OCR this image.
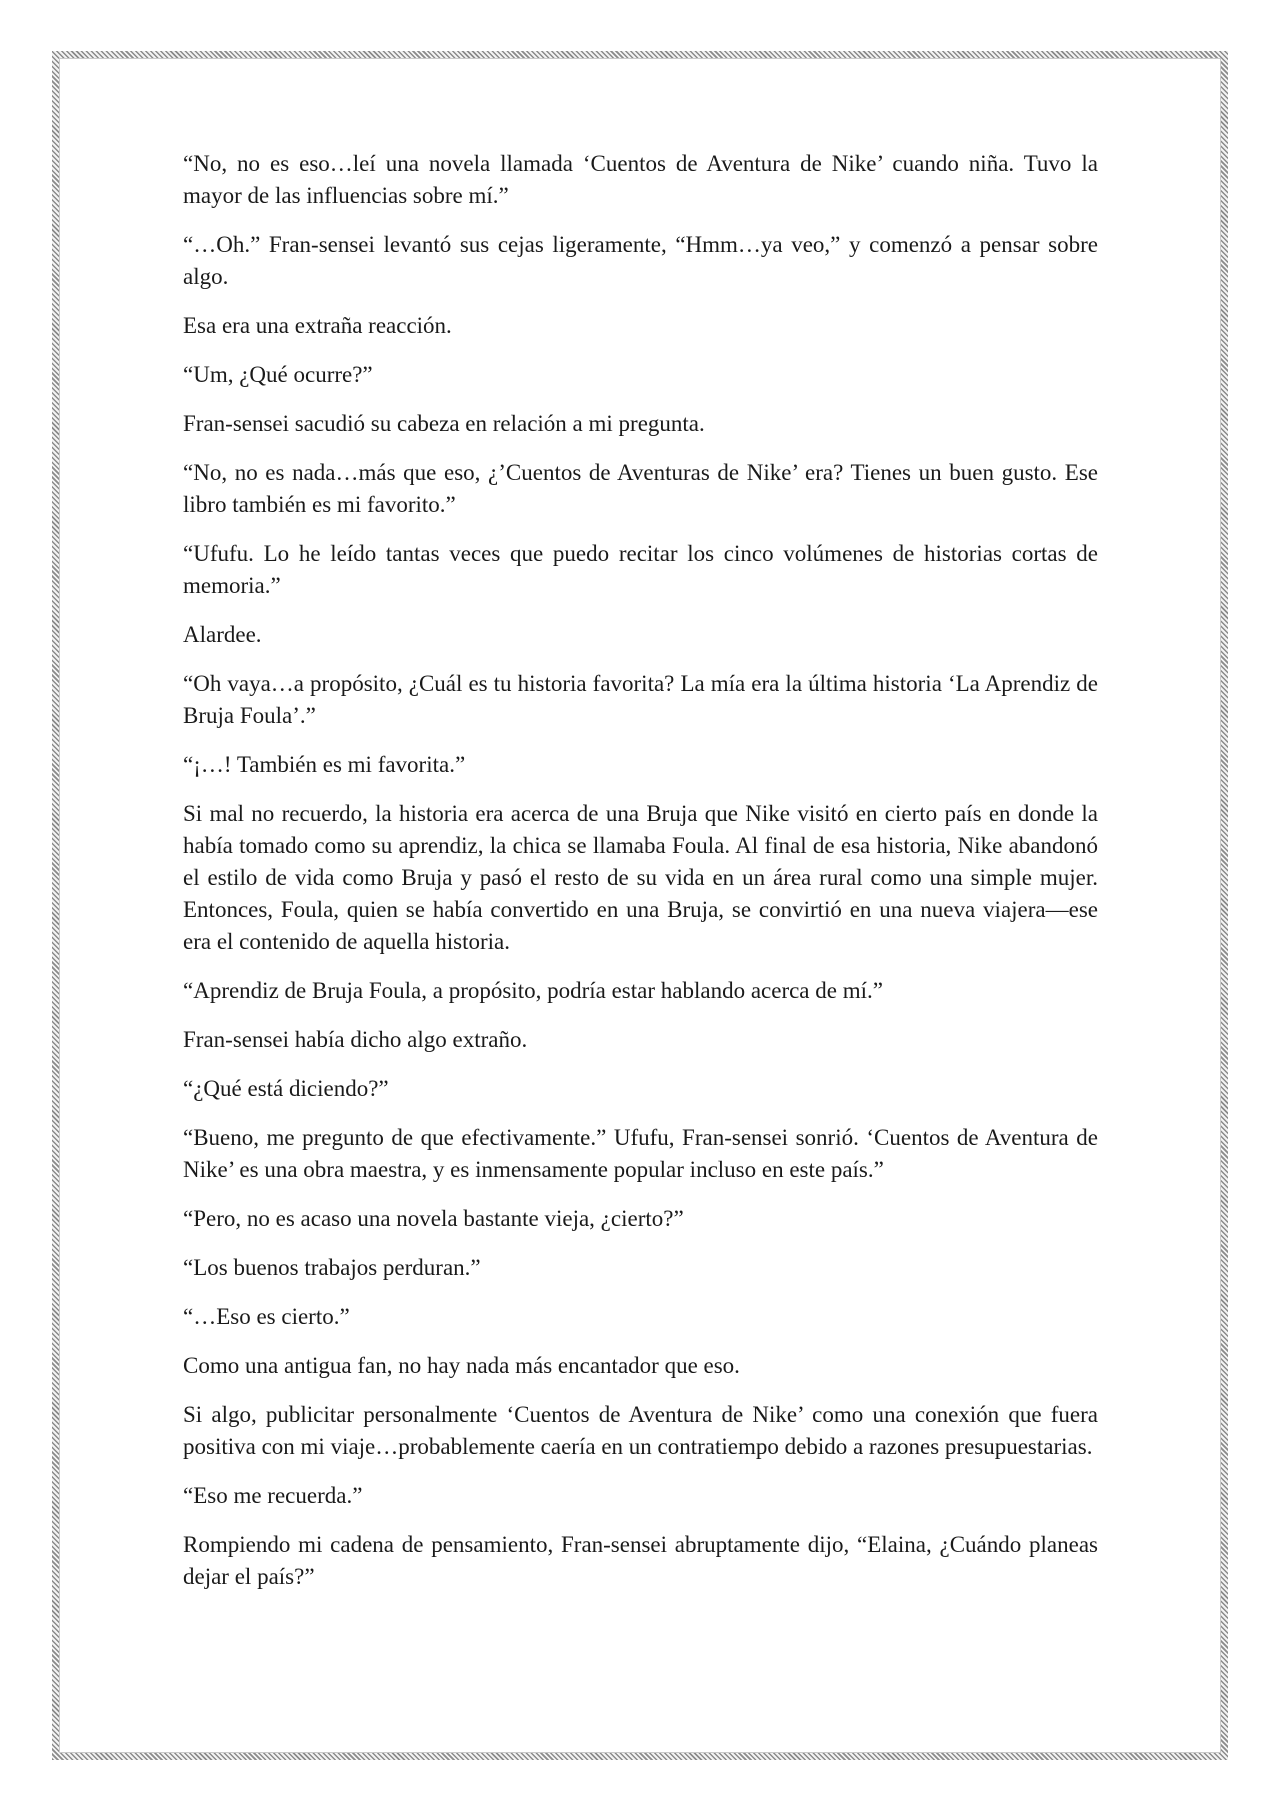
“No, no es eso…leí una novela llamada ‘Cuentos de Aventura de Nike’ cuando niña. Tuvo la mayor de las influencias sobre mí.”

“…Oh.” Fran-sensei levantó sus cejas ligeramente, “Hmm…ya veo,” y comenzó a pensar sobre algo.

Esa era una extraña reacción.

“Um, ¿Qué ocurre?”

Fran-sensei sacudió su cabeza en relación a mi pregunta.

“No, no es nada…más que eso, ¿’Cuentos de Aventuras de Nike’ era? Tienes un buen gusto. Ese libro también es mi favorito.”

“Ufufu. Lo he leído tantas veces que puedo recitar los cinco volúmenes de historias cortas de memoria.”

Alardee.

“Oh vaya…a propósito, ¿Cuál es tu historia favorita? La mía era la última historia ‘La Aprendiz de Bruja Foula’.”

“¡…! También es mi favorita.”

Si mal no recuerdo, la historia era acerca de una Bruja que Nike visitó en cierto país en donde la había tomado como su aprendiz, la chica se llamaba Foula. Al final de esa historia, Nike abandonó el estilo de vida como Bruja y pasó el resto de su vida en un área rural como una simple mujer. Entonces, Foula, quien se había convertido en una Bruja, se convirtió en una nueva viajera—ese era el contenido de aquella historia.

“Aprendiz de Bruja Foula, a propósito, podría estar hablando acerca de mí.”

Fran-sensei había dicho algo extraño.

“¿Qué está diciendo?”

“Bueno, me pregunto de que efectivamente.” Ufufu, Fran-sensei sonrió. ‘Cuentos de Aventura de Nike’ es una obra maestra, y es inmensamente popular incluso en este país.”

“Pero, no es acaso una novela bastante vieja, ¿cierto?”

“Los buenos trabajos perduran.”

“…Eso es cierto.”

Como una antigua fan, no hay nada más encantador que eso.

Si algo, publicitar personalmente ‘Cuentos de Aventura de Nike’ como una conexión que fuera positiva con mi viaje…probablemente caería en un contratiempo debido a razones presupuestarias.

“Eso me recuerda.”

Rompiendo mi cadena de pensamiento, Fran-sensei abruptamente dijo, “Elaina, ¿Cuándo planeas dejar el país?”
